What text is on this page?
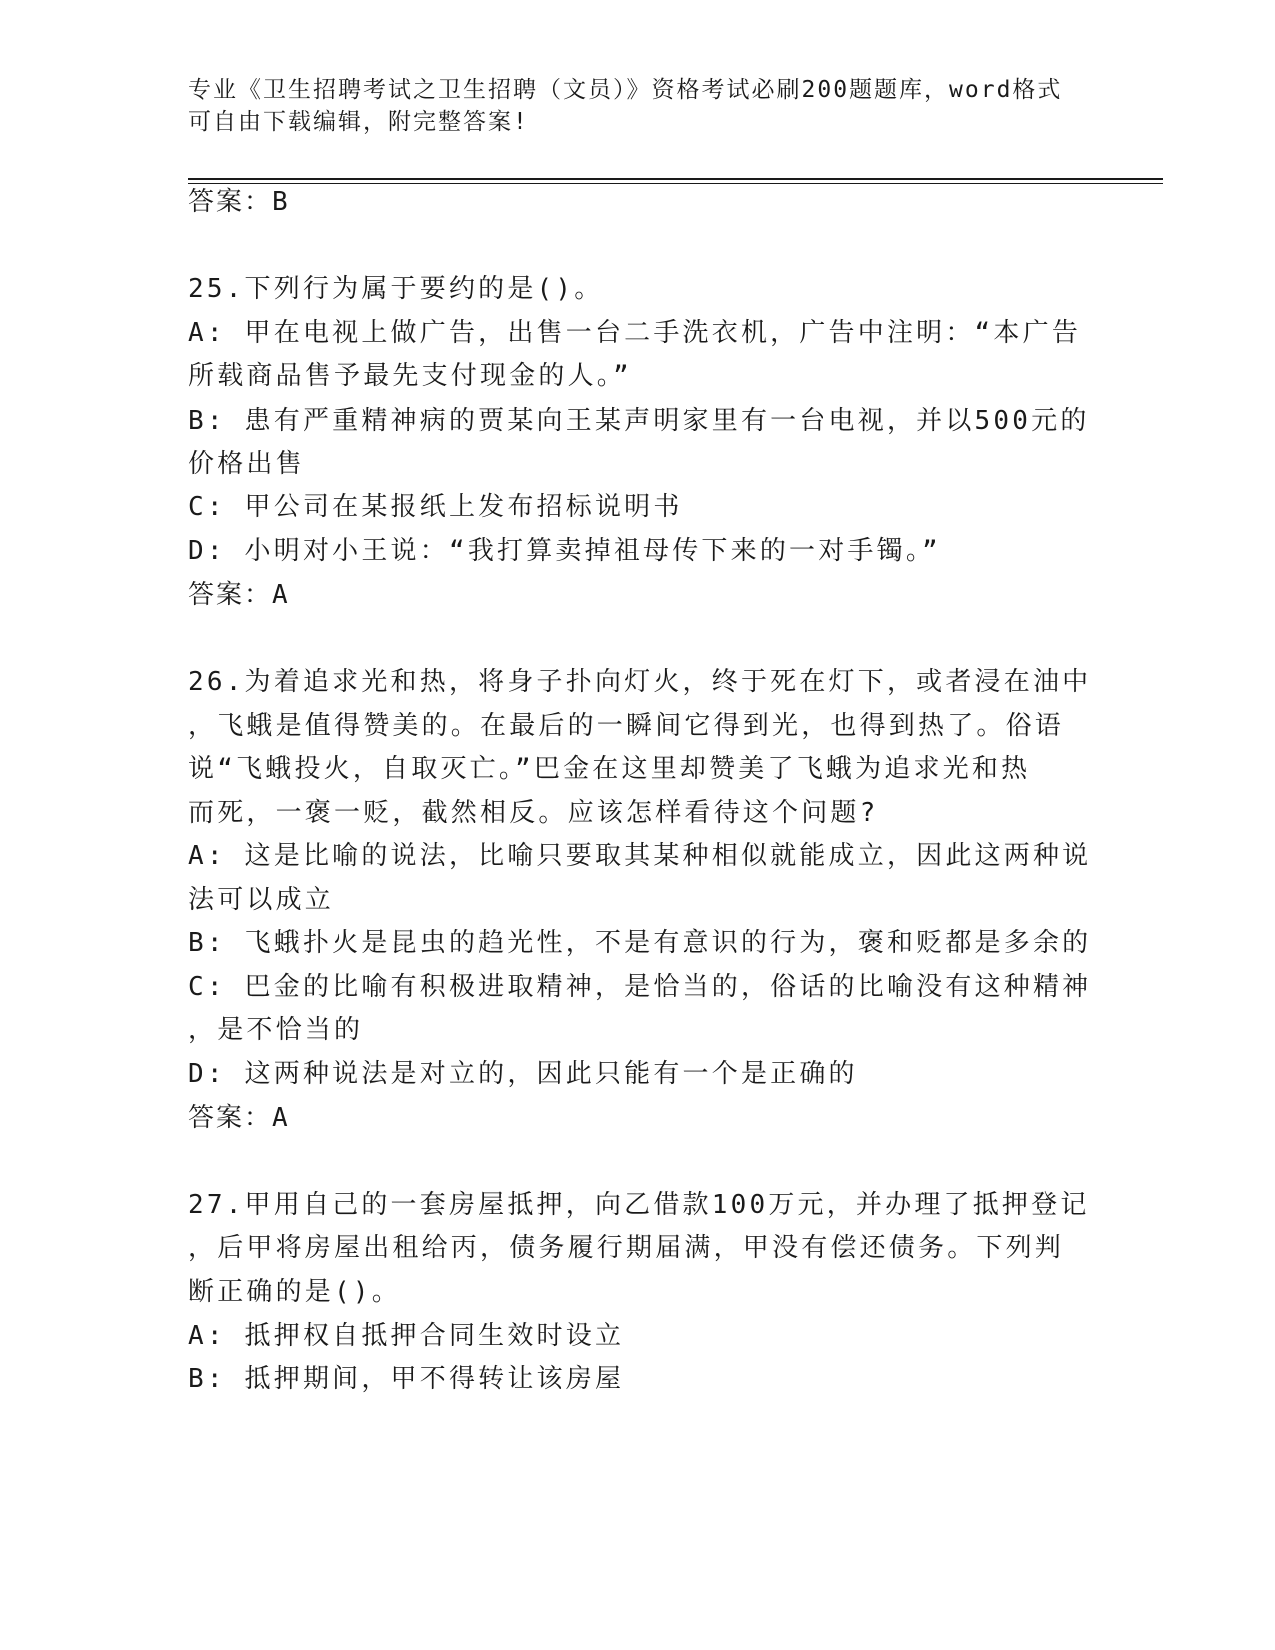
专业《卫生招聘考试之卫生招聘（文员）》资格考试必刷200题题库，word格式
可自由下载编辑，附完整答案!
答案：B
25.下列行为属于要约的是()。
A: 甲在电视上做广告，出售一台二手洗衣机，广告中注明：“本广告
所载商品售予最先支付现金的人。”
B: 患有严重精神病的贾某向王某声明家里有一台电视，并以500元的
价格出售
C: 甲公司在某报纸上发布招标说明书
D: 小明对小王说：“我打算卖掉祖母传下来的一对手镯。”
答案：A
26.为着追求光和热，将身子扑向灯火，终于死在灯下，或者浸在油中
，飞蛾是值得赞美的。在最后的一瞬间它得到光，也得到热了。俗语
说“飞蛾投火，自取灭亡。”巴金在这里却赞美了飞蛾为追求光和热
而死，一褒一贬，截然相反。应该怎样看待这个问题?
A: 这是比喻的说法，比喻只要取其某种相似就能成立，因此这两种说
法可以成立
B: 飞蛾扑火是昆虫的趋光性，不是有意识的行为，褒和贬都是多余的
C: 巴金的比喻有积极进取精神，是恰当的，俗话的比喻没有这种精神
，是不恰当的
D: 这两种说法是对立的，因此只能有一个是正确的
答案：A
27.甲用自己的一套房屋抵押，向乙借款100万元，并办理了抵押登记
，后甲将房屋出租给丙，债务履行期届满，甲没有偿还债务。下列判
断正确的是()。
A: 抵押权自抵押合同生效时设立
B: 抵押期间，甲不得转让该房屋
